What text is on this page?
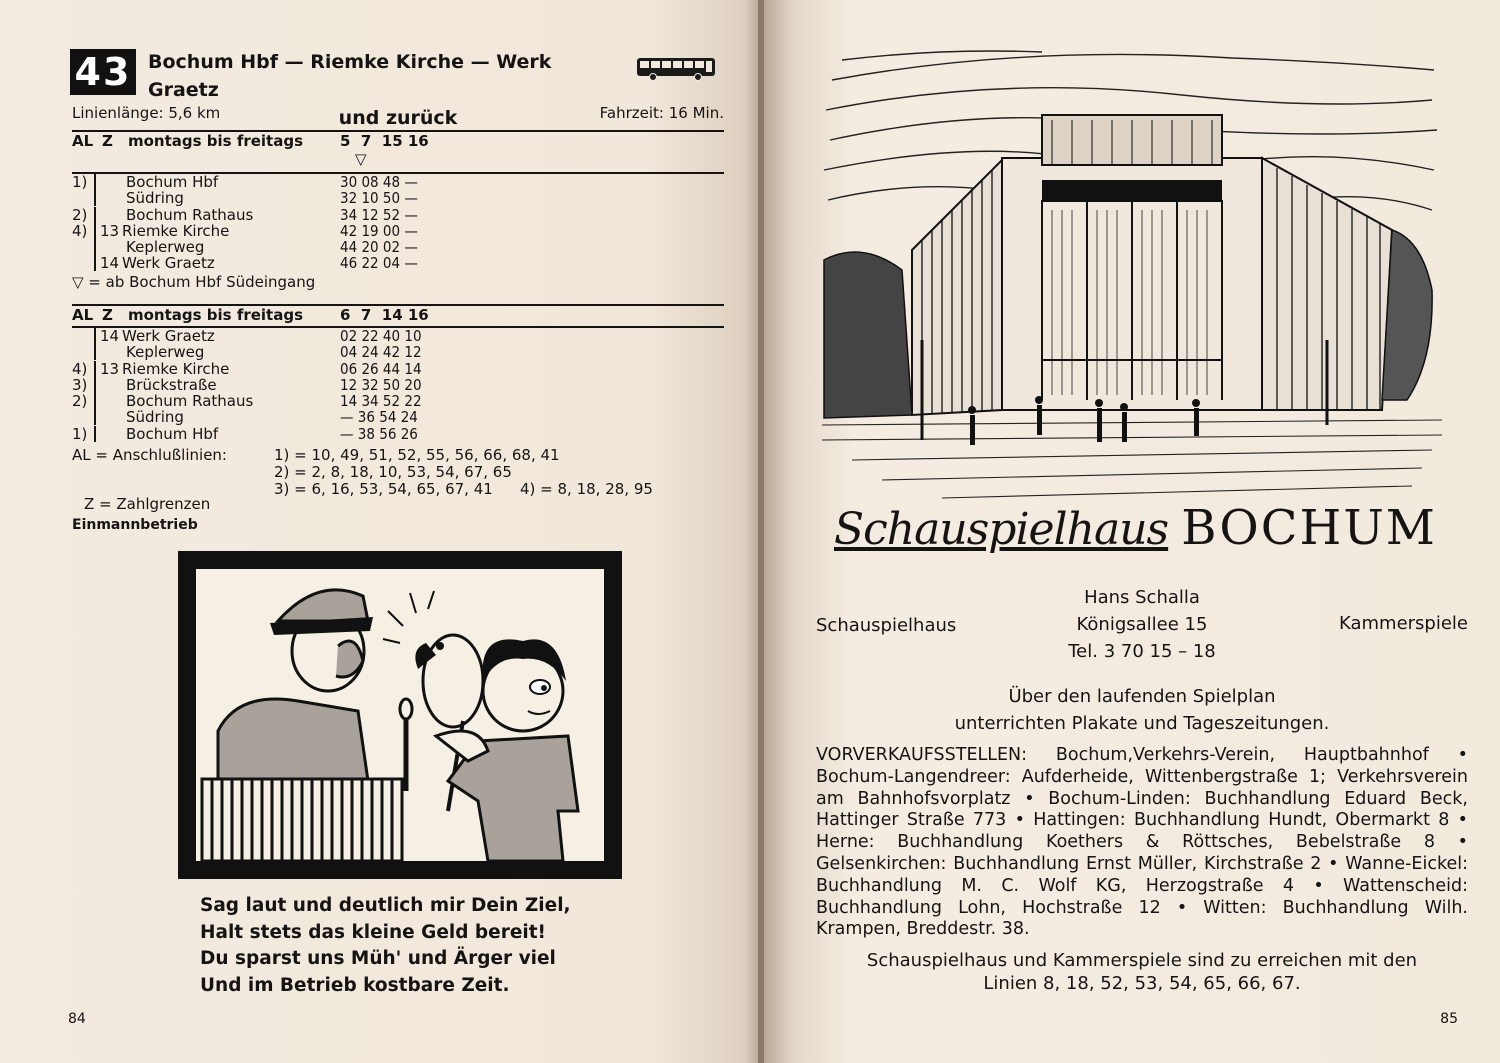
43 Bochum Hbf — Riemke Kirche — Werk Graetz
und zurück
Linienlänge: 5,6 km	Fahrzeit: 16 Min.
AL Z montags bis freitags 5  7  15 16
▽
1)	Bochum Hbf	30 08 48 —
Südring	32 10 50 —
2)	Bochum Rathaus	34 12 52 —
4) 13 Riemke Kirche	42 19 00 —
Keplerweg	44 20 02 —
14 Werk Graetz	46 22 04 —
▽ = ab Bochum Hbf Südeingang
AL Z montags bis freitags 6  7  14 16
14 Werk Graetz	02 22 40 10
Keplerweg	04 24 42 12
4) 13 Riemke Kirche	06 26 44 14
3)	Brückstraße	12 32 50 20
2)	Bochum Rathaus	14 34 52 22
Südring	— 36 54 24
1)	Bochum Hbf	— 38 56 26
AL = Anschlußlinien:	1) = 10, 49, 51, 52, 55, 56, 66, 68, 41
2) = 2, 8, 18, 10, 53, 54, 67, 65
3) = 6, 16, 53, 54, 65, 67, 41 4) = 8, 18, 28, 95
Z = Zahlgrenzen
Einmannbetrieb
Sag laut und deutlich mir Dein Ziel,
Halt stets das kleine Geld bereit!
Du sparst uns Müh' und Ärger viel
Und im Betrieb kostbare Zeit.
84
Schauspielhaus BOCHUM
Schauspielhaus
Hans Schalla
Königsallee 15
Tel. 3 70 15 – 18
Kammerspiele
Über den laufenden Spielplan
unterrichten Plakate und Tageszeitungen.
VORVERKAUFSSTELLEN: Bochum,Verkehrs-Verein, Hauptbahnhof • Bochum-Langendreer: Aufderheide, Wittenbergstraße 1; Verkehrsverein am Bahnhofsvorplatz • Bochum-Linden: Buchhandlung Eduard Beck, Hattinger Straße 773 • Hattingen: Buchhandlung Hundt, Obermarkt 8 • Herne: Buchhandlung Koethers & Röttsches, Bebelstraße 8 • Gelsenkirchen: Buchhandlung Ernst Müller, Kirchstraße 2 • Wanne-Eickel: Buchhandlung M. C. Wolf KG, Herzogstraße 4 • Wattenscheid: Buchhandlung Lohn, Hochstraße 12 • Witten: Buchhandlung Wilh. Krampen, Breddestr. 38.
Schauspielhaus und Kammerspiele sind zu erreichen mit den
Linien 8, 18, 52, 53, 54, 65, 66, 67.
85
